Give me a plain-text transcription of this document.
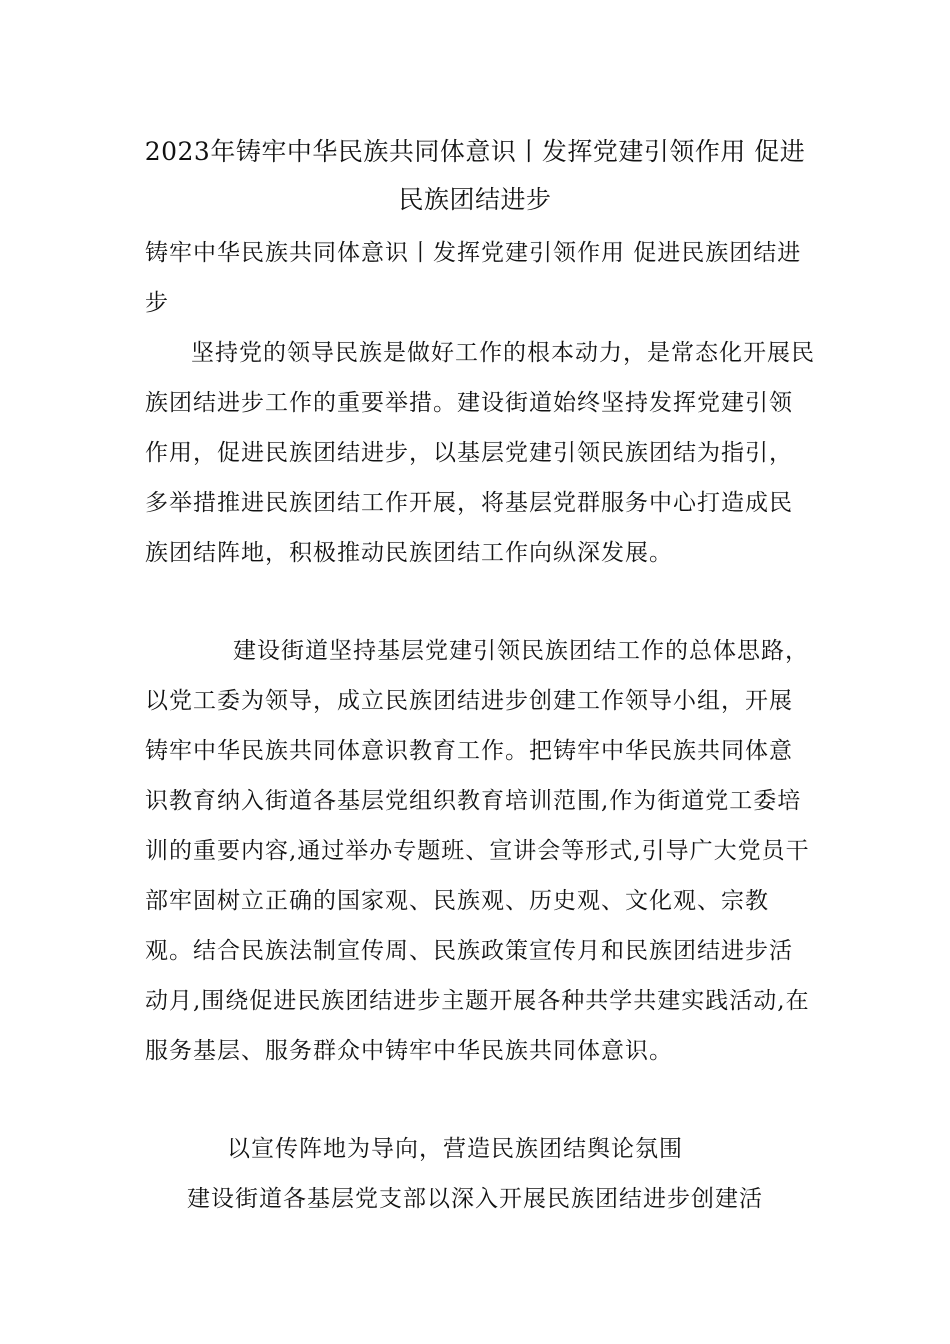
2023年铸牢中华民族共同体意识丨发挥党建引领作用 促进民族团结进步

铸牢中华民族共同体意识丨发挥党建引领作用 促进民族团结进步

坚持党的领导民族是做好工作的根本动力，是常态化开展民族团结进步工作的重要举措。建设街道始终坚持发挥党建引领作用，促进民族团结进步，以基层党建引领民族团结为指引，多举措推进民族团结工作开展，将基层党群服务中心打造成民族团结阵地，积极推动民族团结工作向纵深发展。

建设街道坚持基层党建引领民族团结工作的总体思路，以党工委为领导，成立民族团结进步创建工作领导小组，开展铸牢中华民族共同体意识教育工作。把铸牢中华民族共同体意识教育纳入街道各基层党组织教育培训范围,作为街道党工委培训的重要内容,通过举办专题班、宣讲会等形式,引导广大党员干部牢固树立正确的国家观、民族观、历史观、文化观、宗教观。结合民族法制宣传周、民族政策宣传月和民族团结进步活动月,围绕促进民族团结进步主题开展各种共学共建实践活动,在服务基层、服务群众中铸牢中华民族共同体意识。

以宣传阵地为导向，营造民族团结舆论氛围

建设街道各基层党支部以深入开展民族团结进步创建活
